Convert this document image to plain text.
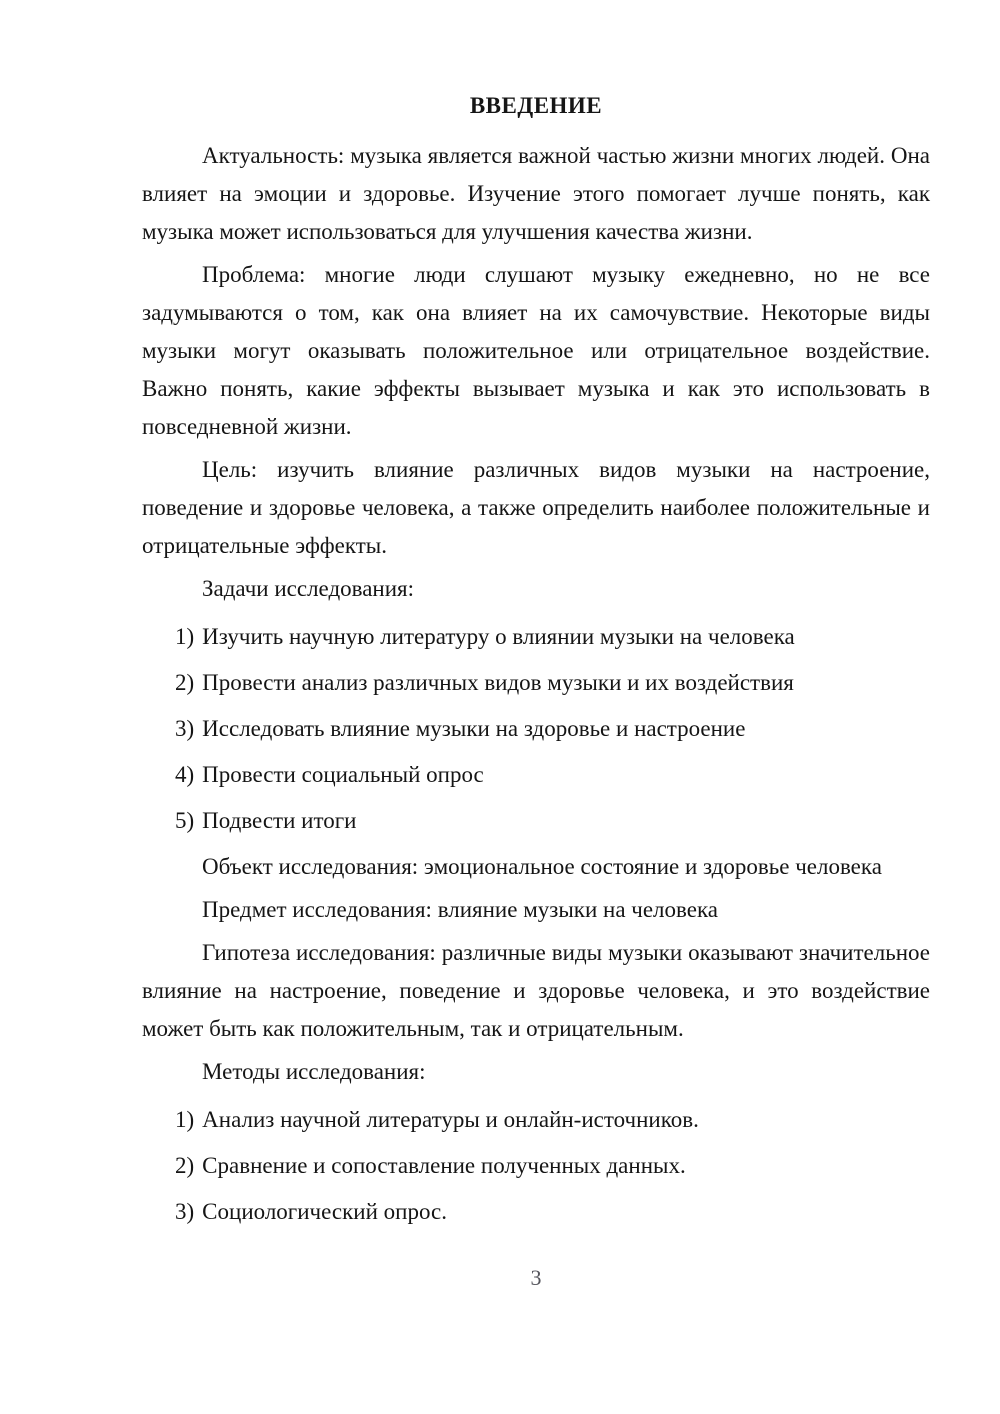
ВВЕДЕНИЕ

Актуальность: музыка является важной частью жизни многих людей. Она влияет на эмоции и здоровье. Изучение этого помогает лучше понять, как музыка может использоваться для улучшения качества жизни.

Проблема: многие люди слушают музыку ежедневно, но не все задумываются о том, как она влияет на их самочувствие. Некоторые виды музыки могут оказывать положительное или отрицательное воздействие. Важно понять, какие эффекты вызывает музыка и как это использовать в повседневной жизни.

Цель: изучить влияние различных видов музыки на настроение, поведение и здоровье человека, а также определить наиболее положительные и отрицательные эффекты.

Задачи исследования:

1) Изучить научную литературу о влиянии музыки на человека
2) Провести анализ различных видов музыки и их воздействия
3) Исследовать влияние музыки на здоровье и настроение
4) Провести социальный опрос
5) Подвести итоги

Объект исследования: эмоциональное состояние и здоровье человека

Предмет исследования: влияние музыки на человека

Гипотеза исследования: различные виды музыки оказывают значительное влияние на настроение, поведение и здоровье человека, и это воздействие может быть как положительным, так и отрицательным.

Методы исследования:

1) Анализ научной литературы и онлайн-источников.
2) Сравнение и сопоставление полученных данных.
3) Социологический опрос.
3
